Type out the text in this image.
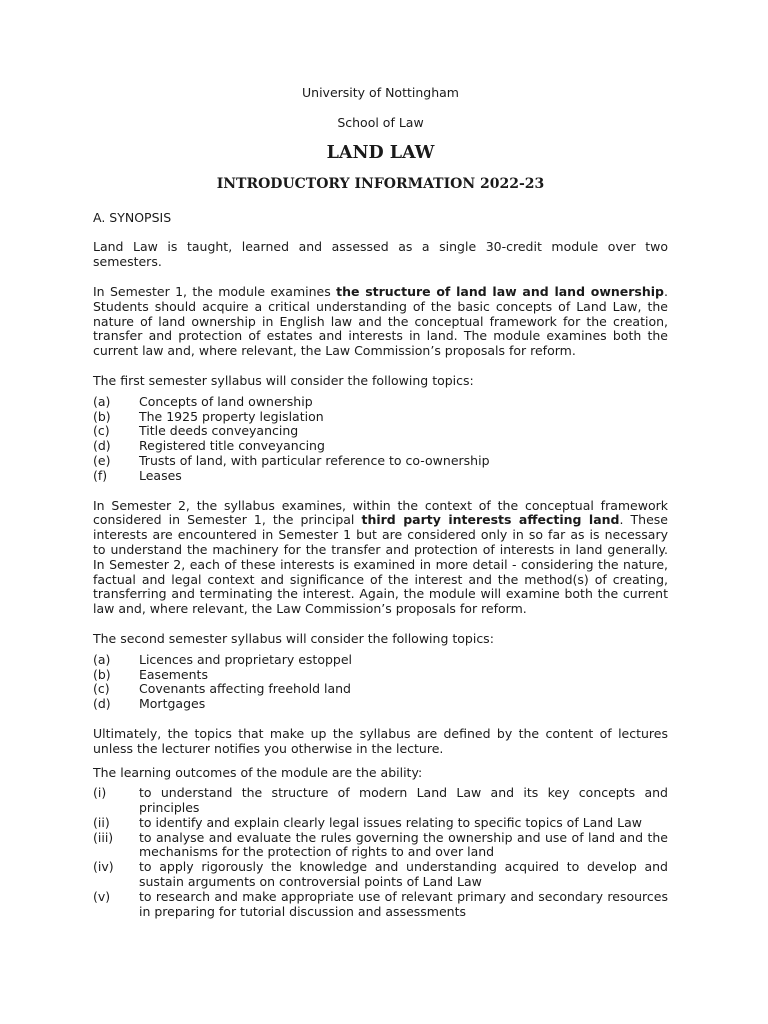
University of Nottingham
School of Law
LAND LAW
INTRODUCTORY INFORMATION 2022-23
A. SYNOPSIS

Land Law is taught, learned and assessed as a single 30-credit module over two semesters.

In Semester 1, the module examines the structure of land law and land ownership. Students should acquire a critical understanding of the basic concepts of Land Law, the nature of land ownership in English law and the conceptual framework for the creation, transfer and protection of estates and interests in land. The module examines both the current law and, where relevant, the Law Commission’s proposals for reform.

The first semester syllabus will consider the following topics:

(a)	Concepts of land ownership
(b)	The 1925 property legislation
(c)	Title deeds conveyancing
(d)	Registered title conveyancing
(e)	Trusts of land, with particular reference to co-ownership
(f)	Leases

In Semester 2, the syllabus examines, within the context of the conceptual framework considered in Semester 1, the principal third party interests affecting land. These interests are encountered in Semester 1 but are considered only in so far as is necessary to understand the machinery for the transfer and protection of interests in land generally. In Semester 2, each of these interests is examined in more detail - considering the nature, factual and legal context and significance of the interest and the method(s) of creating, transferring and terminating the interest. Again, the module will examine both the current law and, where relevant, the Law Commission’s proposals for reform.

The second semester syllabus will consider the following topics:

(a)	Licences and proprietary estoppel
(b)	Easements
(c)	Covenants affecting freehold land
(d)	Mortgages

Ultimately, the topics that make up the syllabus are defined by the content of lectures unless the lecturer notifies you otherwise in the lecture.

The learning outcomes of the module are the ability:

(i)	to understand the structure of modern Land Law and its key concepts and principles
(ii)	to identify and explain clearly legal issues relating to specific topics of Land Law
(iii)	to analyse and evaluate the rules governing the ownership and use of land and the mechanisms for the protection of rights to and over land
(iv)	to apply rigorously the knowledge and understanding acquired to develop and sustain arguments on controversial points of Land Law
(v)	to research and make appropriate use of relevant primary and secondary resources in preparing for tutorial discussion and assessments
